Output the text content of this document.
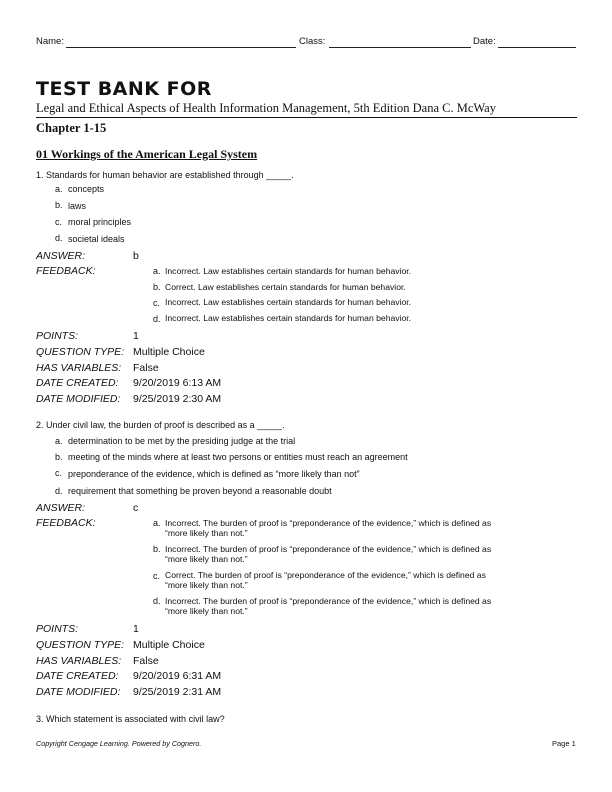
Name:	Class:	Date:
TEST BANK FOR
Legal and Ethical Aspects of Health Information Management, 5th Edition Dana C. McWay
Chapter 1-15
01 Workings of the American Legal System
1. Standards for human behavior are established through _____.
a. concepts
b. laws
c. moral principles
d. societal ideals
ANSWER:	b
FEEDBACK:	a. Incorrect. Law establishes certain standards for human behavior.
b. Correct. Law establishes certain standards for human behavior.
c. Incorrect. Law establishes certain standards for human behavior.
d. Incorrect. Law establishes certain standards for human behavior.
POINTS:	1
QUESTION TYPE: Multiple Choice
HAS VARIABLES: False
DATE CREATED: 9/20/2019 6:13 AM
DATE MODIFIED: 9/25/2019 2:30 AM
2. Under civil law, the burden of proof is described as a _____.
a. determination to be met by the presiding judge at the trial
b. meeting of the minds where at least two persons or entities must reach an agreement
c. preponderance of the evidence, which is defined as “more likely than not”
d. requirement that something be proven beyond a reasonable doubt
ANSWER:	c
FEEDBACK:	a. Incorrect. The burden of proof is “preponderance of the evidence,” which is defined as
“more likely than not.”
b. Incorrect. The burden of proof is “preponderance of the evidence,” which is defined as
“more likely than not.”
c. Correct. The burden of proof is “preponderance of the evidence,” which is defined as
“more likely than not.”
d. Incorrect. The burden of proof is “preponderance of the evidence,” which is defined as
“more likely than not.”
POINTS:	1
QUESTION TYPE: Multiple Choice
HAS VARIABLES: False
DATE CREATED: 9/20/2019 6:31 AM
DATE MODIFIED: 9/25/2019 2:31 AM
3. Which statement is associated with civil law?
Copyright Cengage Learning. Powered by Cognero.	Page 1
